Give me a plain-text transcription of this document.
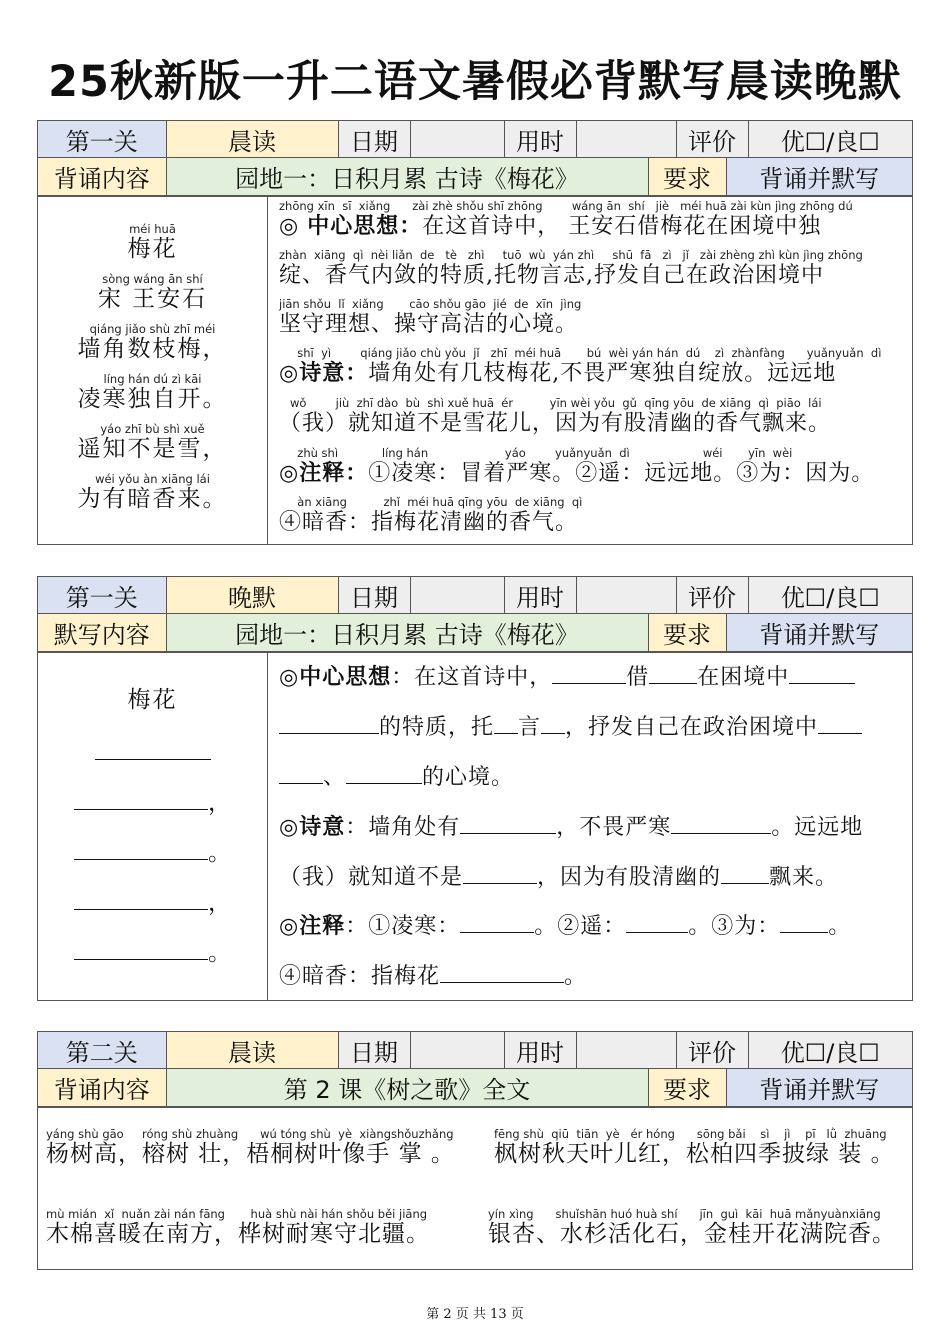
25秋新版一升二语文暑假必背默写晨读晚默
第一关	晨读	日期		用时		评价	优☐/良☐
背诵内容	园地一：日积月累 古诗《梅花》	要求	背诵并默写
méi huā
梅花
sòng wáng ān shí
宋 王安石
qiáng jiǎo shù zhī méi
墙角数枝梅，
líng hán dú zì kāi
凌寒独自开。
yáo zhī bù shì xuě
遥知不是雪，
wéi yǒu àn xiāng lái
为有暗香来。
zhōng xīn  sī  xiǎng      zài zhè shǒu shī zhōng        wáng ān  shí   jiè   méi huā zài kùn jìng zhōng dú
◎ 中心思想：在这首诗中， 王安石借梅花在困境中独
zhàn  xiāng  qì  nèi liǎn  de   tè   zhì     tuō  wù  yán zhì     shū  fā   zì   jǐ   zài zhèng zhì kùn jìng zhōng
绽、香气内敛的特质,托物言志,抒发自己在政治困境中
jiān shǒu  lǐ  xiǎng       cāo shǒu gāo  jié  de  xīn  jìng
坚守理想、操守高洁的心境。
shī  yì        qiáng jiǎo chù yǒu  jǐ   zhī  méi huā       bú  wèi yán hán  dú    zì  zhànfàng      yuǎnyuǎn  dì
◎诗意：墙角处有几枝梅花,不畏严寒独自绽放。远远地
wǒ        jiù  zhī dào  bù  shì xuě huā  ér          yīn wèi yǒu  gǔ  qīng yōu  de xiāng  qì  piāo  lái
（我）就知道不是雪花儿，因为有股清幽的香气飘来。
zhù shì            líng hán                     yáo        yuǎnyuǎn  dì                    wéi       yīn  wèi
◎注释：①凌寒：冒着严寒。②遥：远远地。③为：因为。
àn xiāng          zhǐ  méi huā qīng yōu  de xiāng  qì
④暗香：指梅花清幽的香气。
第一关	晚默	日期		用时		评价	优☐/良☐
默写内容	园地一：日积月累 古诗《梅花》	要求	背诵并默写
梅花
，
。
，
。
◎中心思想：在这首诗中，	借 在困境中
的特质，托 言 ，抒发自己在政治困境中
、	的心境。
◎诗意：墙角处有	，不畏严寒	。远远地
（我）就知道不是	，因为有股清幽的 飘来。
◎注释：①凌寒：	。②遥：	。③为： 。
④暗香：指梅花	。
第二关	晨读	日期		用时		评价	优☐/良☐
背诵内容	第 2 课《树之歌》全文	要求	背诵并默写
yáng shù gāo     róng shù zhuàng      wú tóng shù  yè  xiàngshǒuzhǎng
杨树高，榕树 壮，梧桐树叶像手 掌 。
fēng shù  qiū  tiān  yè   ér hóng      sōng bǎi    sì    jì    pī   lǜ  zhuāng
枫树秋天叶儿红，松柏四季披绿 装 。
mù mián  xǐ  nuǎn zài nán fāng       huà shù nài hán shǒu běi jiāng
木棉喜暖在南方，桦树耐寒守北疆。
yín xìng      shuǐshān huó huà shí      jīn  guì  kāi  huā mǎnyuànxiāng
银杏、水杉活化石，金桂开花满院香。
第 2 页 共 13 页
